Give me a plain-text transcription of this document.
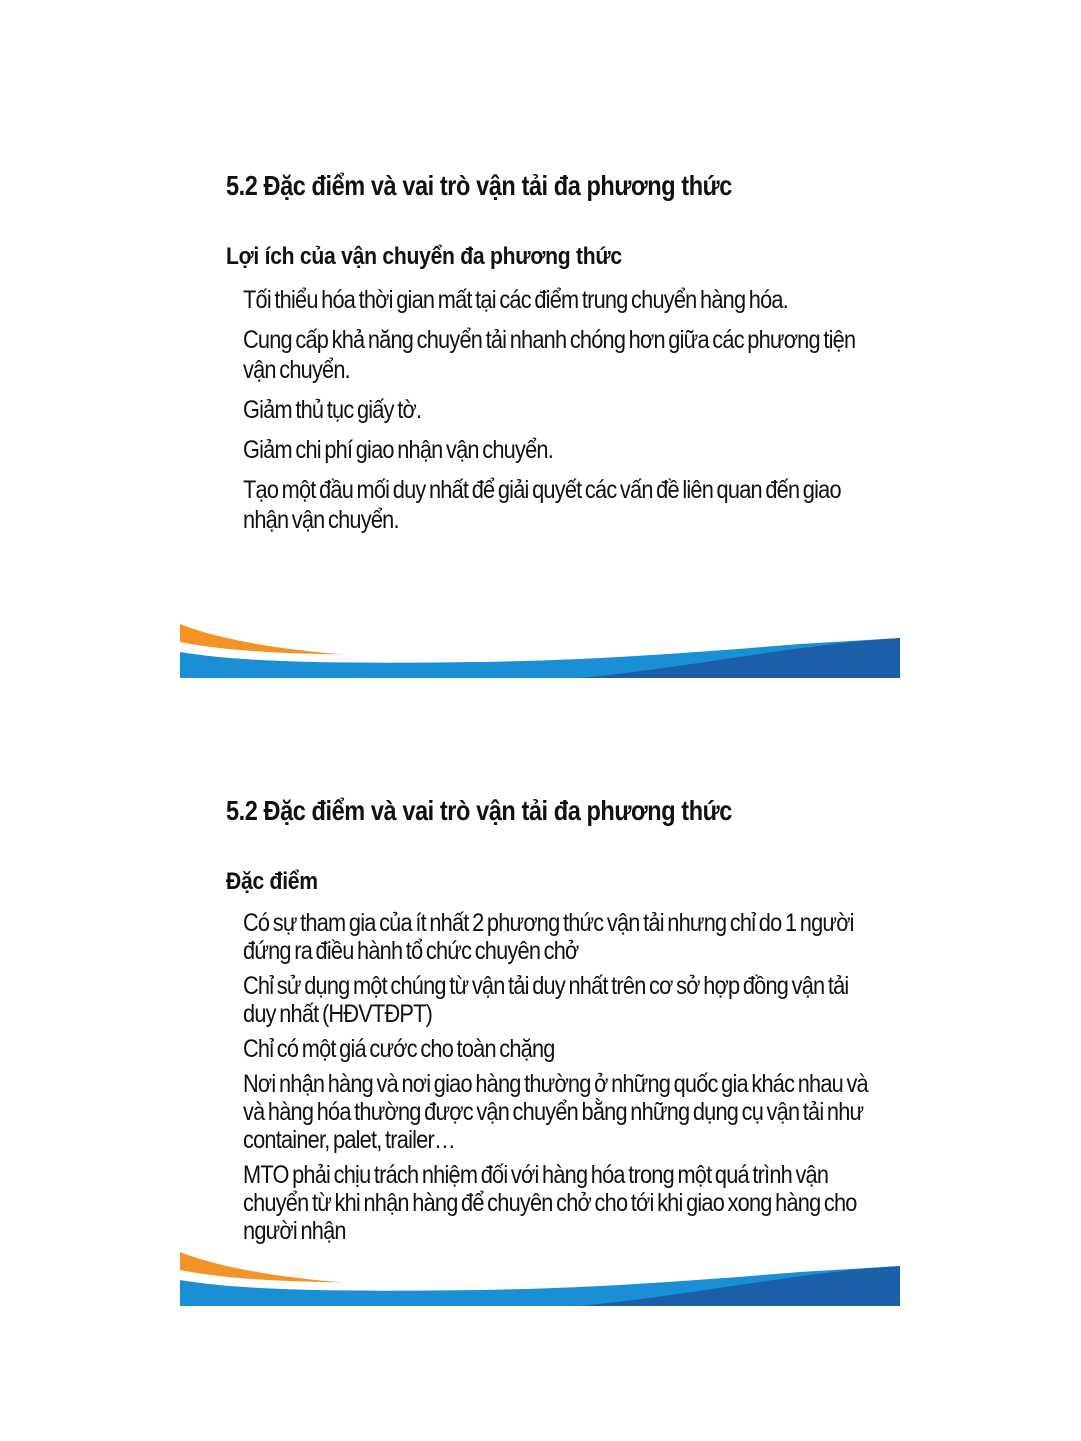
5.2 Đặc điểm và vai trò vận tải đa phương thức
Lợi ích của vận chuyển đa phương thức
Tối thiểu hóa thời gian mất tại các điểm trung chuyển hàng hóa.
Cung cấp khả năng chuyển tải nhanh chóng hơn giữa các phương tiện vận chuyển.
Giảm thủ tục giấy tờ.
Giảm chi phí giao nhận vận chuyển.
Tạo một đầu mối duy nhất để giải quyết các vấn đề liên quan đến giao nhận vận chuyển.
5.2 Đặc điểm và vai trò vận tải đa phương thức
Đặc điểm
Có sự tham gia của ít nhất 2 phương thức vận tải nhưng chỉ do 1 người đứng ra điều hành tổ chức chuyên chở
Chỉ sử dụng một chúng từ vận tải duy nhất trên cơ sở hợp đồng vận tải duy nhất (HĐVTĐPT)
Chỉ có một giá cước cho toàn chặng
Nơi nhận hàng và nơi giao hàng thường ở những quốc gia khác nhau và và hàng hóa thường được vận chuyển bằng những dụng cụ vận tải như container, palet, trailer…
MTO phải chịu trách nhiệm đối với hàng hóa trong một quá trình vận chuyển từ khi nhận hàng để chuyên chở cho tới khi giao xong hàng cho người nhận
